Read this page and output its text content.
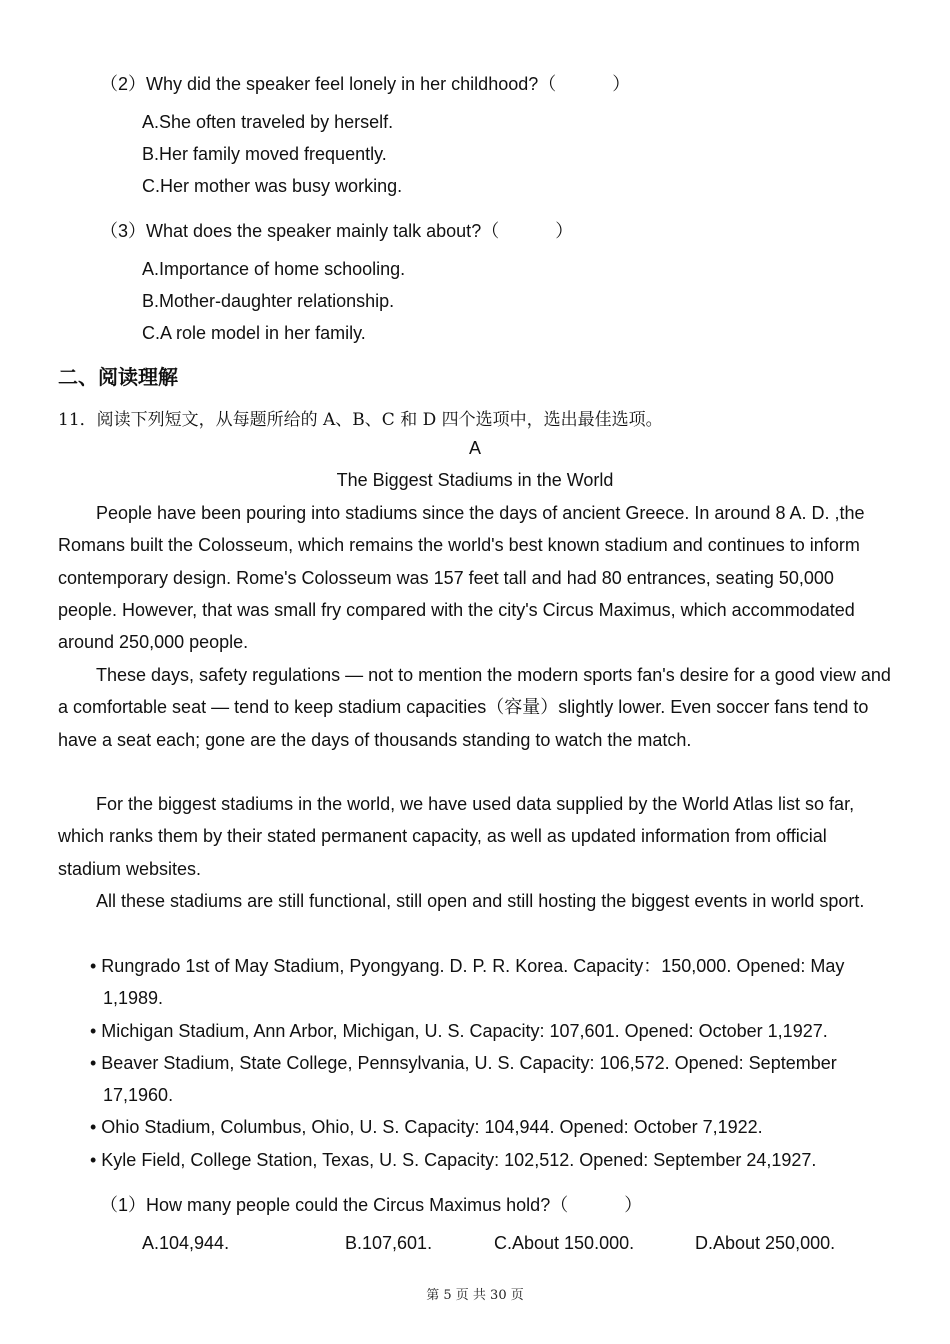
（2）Why did the speaker feel lonely in her childhood?（	）
A.She often traveled by herself.
B.Her family moved frequently.
C.Her mother was busy working.
（3）What does the speaker mainly talk about?（	）
A.Importance of home schooling.
B.Mother-daughter relationship.
C.A role model in her family.
二、阅读理解
11．阅读下列短文，从每题所给的 A、B、C 和 D 四个选项中，选出最佳选项。
A
The Biggest Stadiums in the World
People have been pouring into stadiums since the days of ancient Greece. In around 8 A. D. ,the Romans built the Colosseum, which remains the world's best known stadium and continues to inform contemporary design. Rome's Colosseum was 157 feet tall and had 80 entrances, seating 50,000 people. However, that was small fry compared with the city's Circus Maximus, which accommodated around 250,000 people.
These days, safety regulations — not to mention the modern sports fan's desire for a good view and a comfortable seat — tend to keep stadium capacities（容量）slightly lower. Even soccer fans tend to have a seat each; gone are the days of thousands standing to watch the match.
For the biggest stadiums in the world, we have used data supplied by the World Atlas list so far, which ranks them by their stated permanent capacity, as well as updated information from official stadium websites.
All these stadiums are still functional, still open and still hosting the biggest events in world sport.
• Rungrado 1st of May Stadium, Pyongyang. D. P. R. Korea. Capacity：150,000. Opened: May 1,1989.
• Michigan Stadium, Ann Arbor, Michigan, U. S. Capacity: 107,601. Opened: October 1,1927.
• Beaver Stadium, State College, Pennsylvania, U. S. Capacity: 106,572. Opened: September 17,1960.
• Ohio Stadium, Columbus, Ohio, U. S. Capacity: 104,944. Opened: October 7,1922.
• Kyle Field, College Station, Texas, U. S. Capacity: 102,512. Opened: September 24,1927.
（1）How many people could the Circus Maximus hold?（	）
A.104,944.	B.107,601.	C.About 150.000.	D.About 250,000.
第 5 页 共 30 页
